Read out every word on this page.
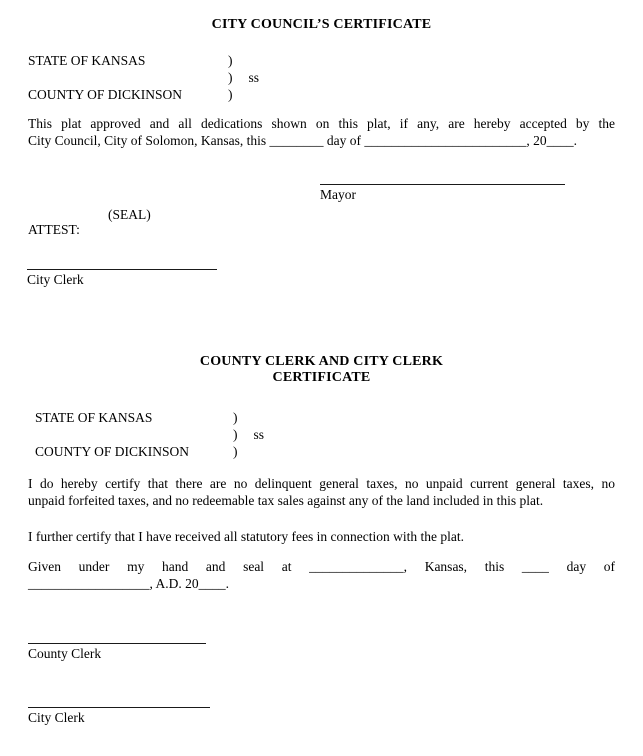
CITY COUNCIL’S CERTIFICATE
STATE OF KANSAS	)
) ss
COUNTY OF DICKINSON	)
This plat approved and all dedications shown on this plat, if any, are hereby accepted by the
City Council, City of Solomon, Kansas, this ________ day of ________________________, 20____.
Mayor
(SEAL)
ATTEST:
City Clerk
COUNTY CLERK AND CITY CLERK
CERTIFICATE
STATE OF KANSAS	)
) ss
COUNTY OF DICKINSON	)
I do hereby certify that there are no delinquent general taxes, no unpaid current general taxes, no
unpaid forfeited taxes, and no redeemable tax sales against any of the land included in this plat.
I further certify that I have received all statutory fees in connection with the plat.
Given under my hand and seal at ______________, Kansas, this ____ day of
__________________, A.D. 20____.
County Clerk
City Clerk
